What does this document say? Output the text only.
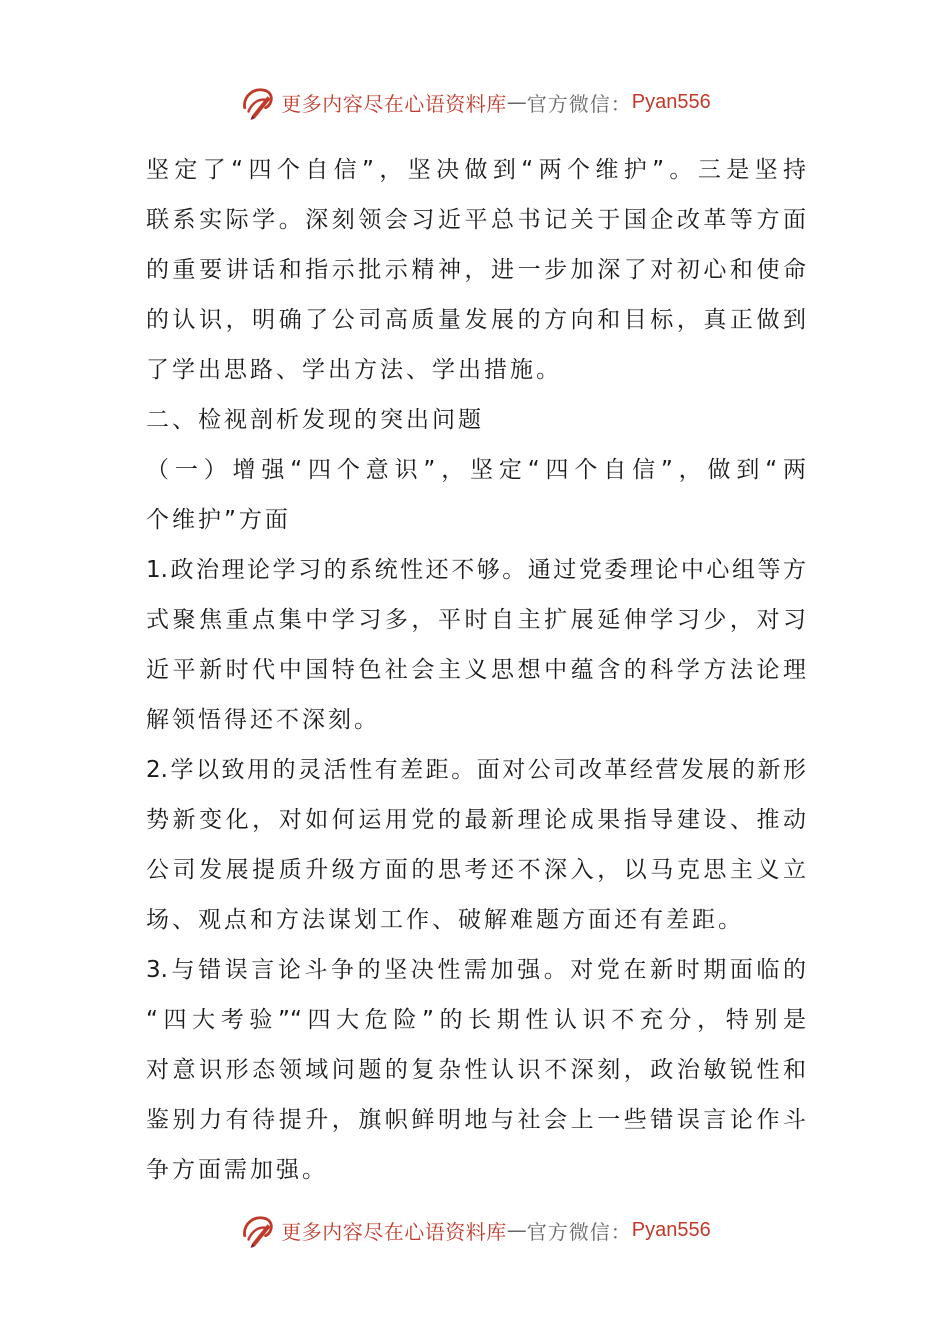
更多内容尽在心语资料库 — 官方微信： Pyan556
坚定了“四个自信”，坚决做到“两个维护”。三是坚持
联系实际学。深刻领会习近平总书记关于国企改革等方面
的重要讲话和指示批示精神，进一步加深了对初心和使命
的认识，明确了公司高质量发展的方向和目标，真正做到
了学出思路、学出方法、学出措施。
二、检视剖析发现的突出问题
（一）增强“四个意识”，坚定“四个自信”，做到“两
个维护”方面
1.政治理论学习的系统性还不够。通过党委理论中心组等方
式聚焦重点集中学习多，平时自主扩展延伸学习少，对习
近平新时代中国特色社会主义思想中蕴含的科学方法论理
解领悟得还不深刻。
2.学以致用的灵活性有差距。面对公司改革经营发展的新形
势新变化，对如何运用党的最新理论成果指导建设、推动
公司发展提质升级方面的思考还不深入，以马克思主义立
场、观点和方法谋划工作、破解难题方面还有差距。
3.与错误言论斗争的坚决性需加强。对党在新时期面临的
“四大考验”“四大危险”的长期性认识不充分，特别是
对意识形态领域问题的复杂性认识不深刻，政治敏锐性和
鉴别力有待提升，旗帜鲜明地与社会上一些错误言论作斗
争方面需加强。
更多内容尽在心语资料库 — 官方微信： Pyan556
